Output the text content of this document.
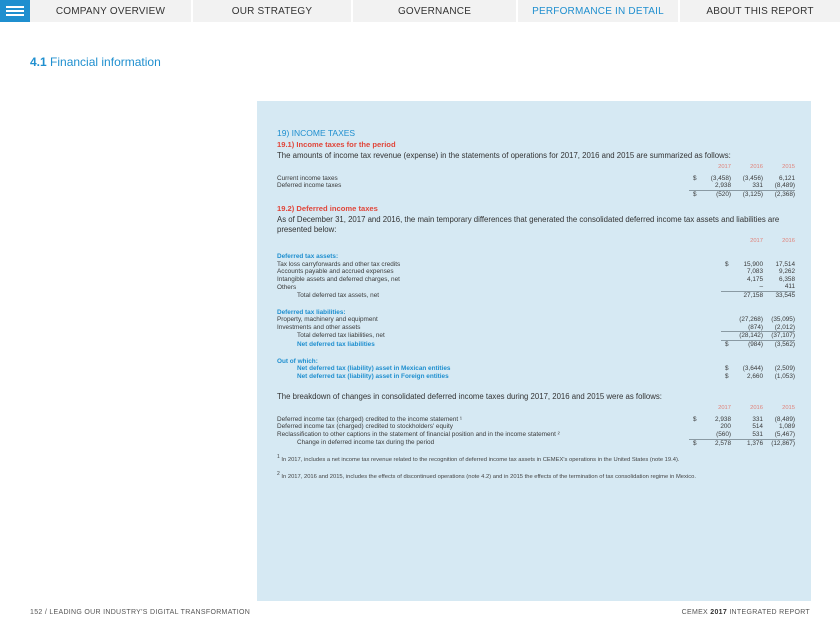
COMPANY OVERVIEW	OUR STRATEGY	GOVERNANCE	PERFORMANCE IN DETAIL	ABOUT THIS REPORT
4.1 Financial information
19) INCOME TAXES
19.1) Income taxes for the period
The amounts of income tax revenue (expense) in the statements of operations for 2017, 2016 and 2015 are summarized as follows:
		2017	2016	2015
Current income taxes	$	(3,458)	(3,456)	6,121
Deferred income taxes		2,938	331	(8,489)
	$	(520)	(3,125)	(2,368)
19.2) Deferred income taxes
As of December 31, 2017 and 2016, the main temporary differences that generated the consolidated deferred income tax assets and liabilities are presented below:
		2017	2016
Deferred tax assets:			
Tax loss carryforwards and other tax credits	$	15,900	17,514
Accounts payable and accrued expenses		7,083	9,262
Intangible assets and deferred charges, net		4,175	6,358
Others		–	411
Total deferred tax assets, net		27,158	33,545

Deferred tax liabilities:			
Property, machinery and equipment		(27,268)	(35,095)
Investments and other assets		(874)	(2,012)
Total deferred tax liabilities, net		(28,142)	(37,107)
Net deferred tax liabilities	$	(984)	(3,562)

Out of which:			
Net deferred tax (liability) asset in Mexican entities	$	(3,644)	(2,509)
Net deferred tax (liability) asset in Foreign entities	$	2,660	(1,053)
The breakdown of changes in consolidated deferred income taxes during 2017, 2016 and 2015 were as follows:
		2017	2016	2015
Deferred income tax (charged) credited to the income statement ¹	$	2,938	331	(8,489)
Deferred income tax (charged) credited to stockholders' equity		200	514	1,089
Reclassification to other captions in the statement of financial position and in the income statement ²		(560)	531	(5,467)
Change in deferred income tax during the period	$	2,578	1,376	(12,867)
$^1$ In 2017, includes a net income tax revenue related to the recognition of deferred income tax assets in CEMEX's operations in the United States (note 19.4).
$^2$ In 2017, 2016 and 2015, includes the effects of discontinued operations (note 4.2) and in 2015 the effects of the termination of tax consolidation regime in Mexico.
152 / LEADING OUR INDUSTRY'S DIGITAL TRANSFORMATION	CEMEX 2017 INTEGRATED REPORT
